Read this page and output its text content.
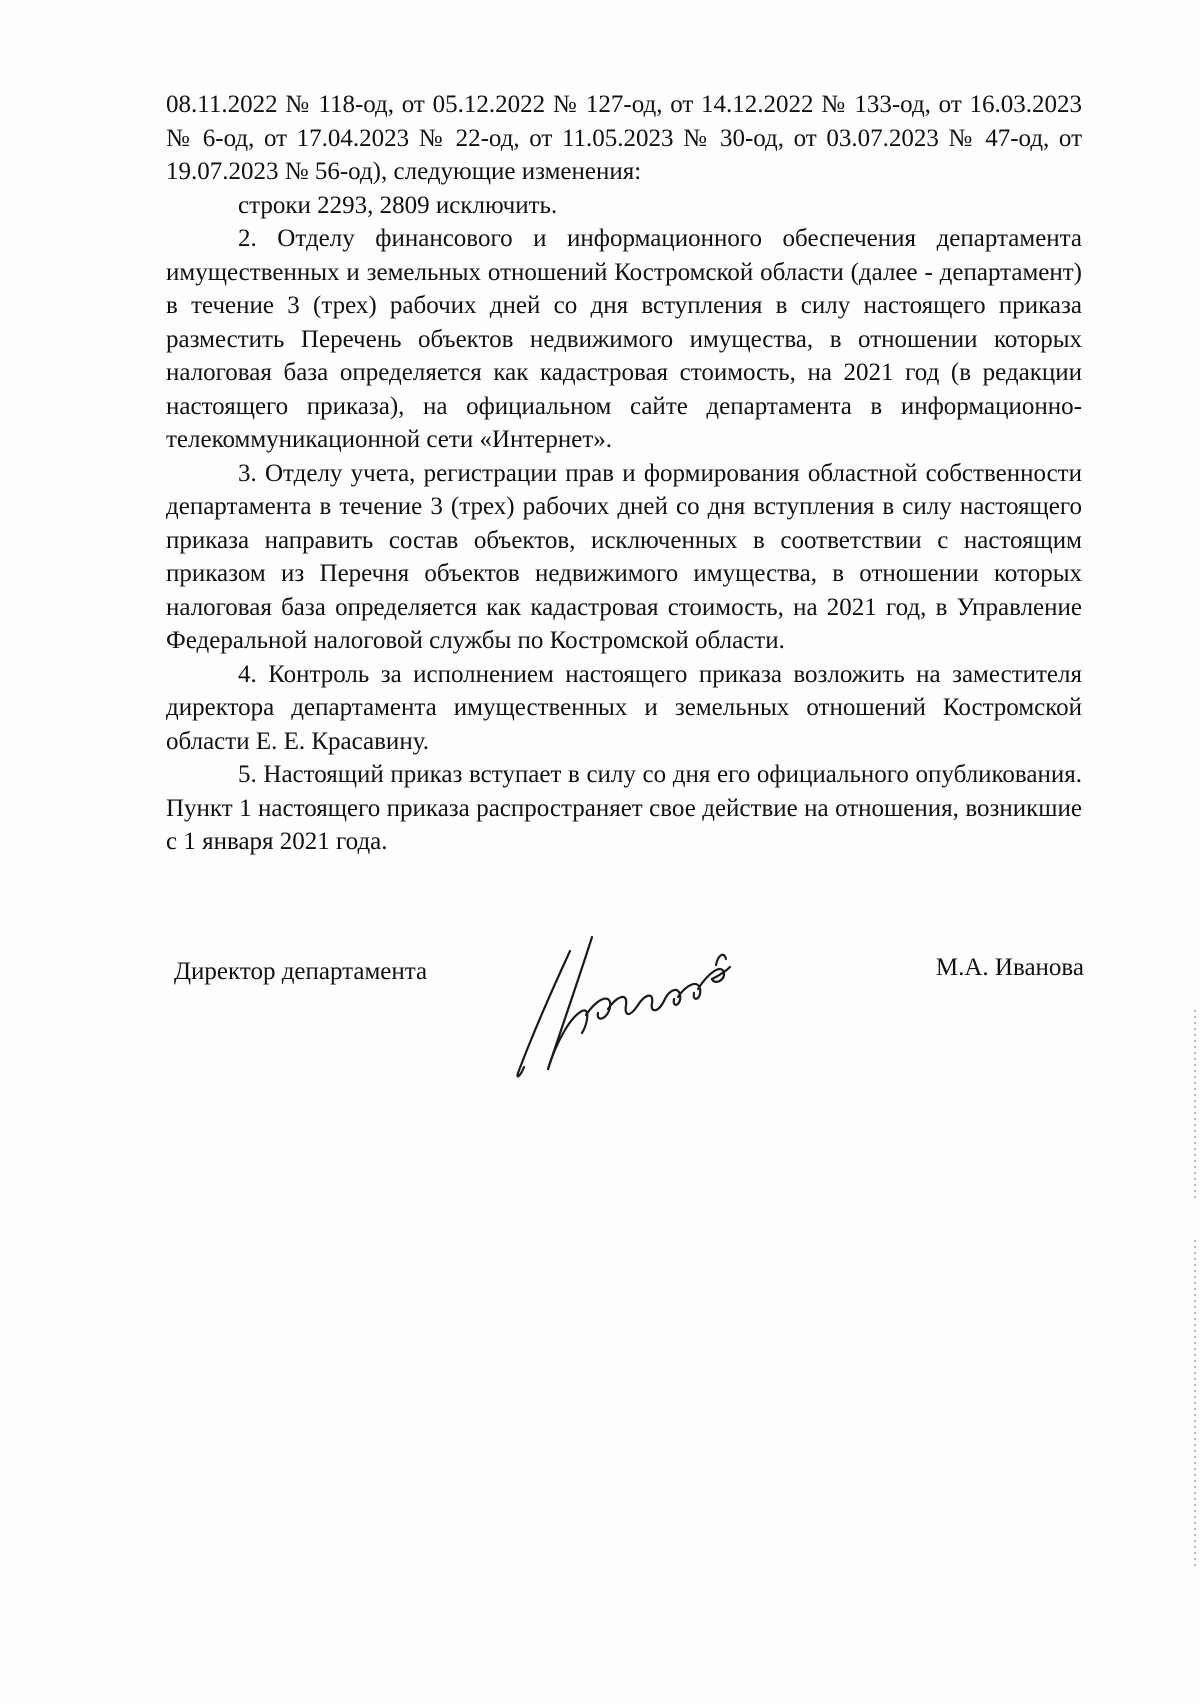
08.11.2022 № 118-од, от 05.12.2022 № 127-од, от 14.12.2022 № 133-од, от 16.03.2023 № 6-од, от 17.04.2023 № 22-од, от 11.05.2023 № 30-од, от 03.07.2023 № 47-од, от 19.07.2023 № 56-од), следующие изменения:

строки 2293, 2809 исключить.

2. Отделу финансового и информационного обеспечения департамента имущественных и земельных отношений Костромской области (далее - департамент) в течение 3 (трех) рабочих дней со дня вступления в силу настоящего приказа разместить Перечень объектов недвижимого имущества, в отношении которых налоговая база определяется как кадастровая стоимость, на 2021 год (в редакции настоящего приказа), на официальном сайте департамента в информационно-телекоммуникационной сети «Интернет».

3. Отделу учета, регистрации прав и формирования областной собственности департамента в течение 3 (трех) рабочих дней со дня вступления в силу настоящего приказа направить состав объектов, исключенных в соответствии с настоящим приказом из Перечня объектов недвижимого имущества, в отношении которых налоговая база определяется как кадастровая стоимость, на 2021 год, в Управление Федеральной налоговой службы по Костромской области.

4. Контроль за исполнением настоящего приказа возложить на заместителя директора департамента имущественных и земельных отношений Костромской области Е. Е. Красавину.

5. Настоящий приказ вступает в силу со дня его официального опубликования. Пункт 1 настоящего приказа распространяет свое действие на отношения, возникшие с 1 января 2021 года.

Директор департамента	М.А. Иванова
